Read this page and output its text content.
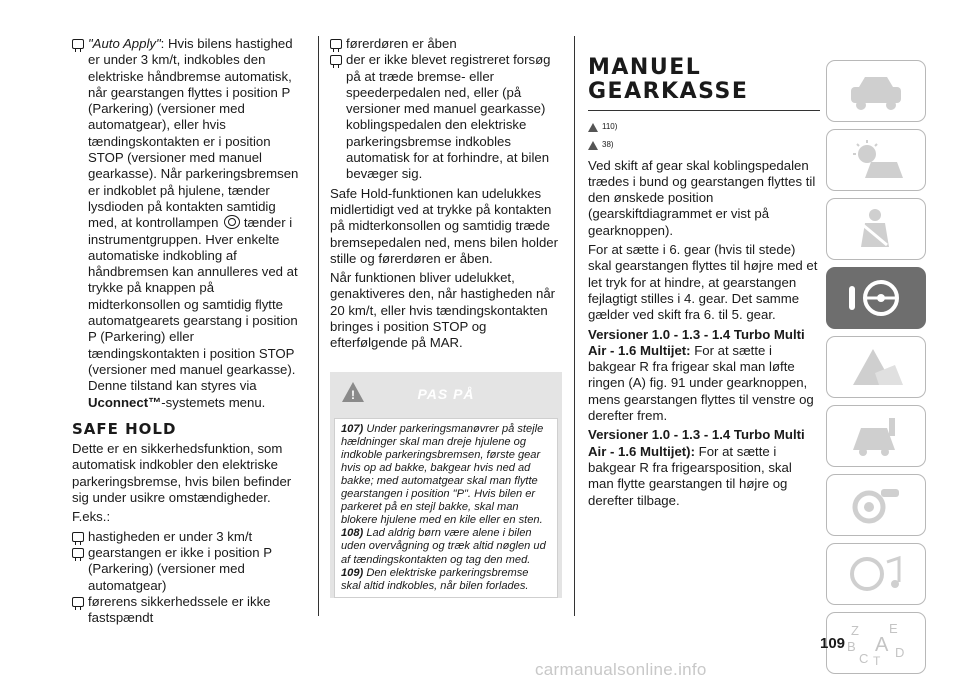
"Auto Apply": Hvis bilens hastighed er under 3 km/t, indkobles den elektriske håndbremse automatisk, når gearstangen flyttes i position P (Parkering) (versioner med automatgear), eller hvis tændingskontakten er i position STOP (versioner med manuel gearkasse). Når parkeringsbremsen er indkoblet på hjulene, tænder lysdioden på kontakten samtidig med, at kontrollampen tænder i instrumentgruppen. Hver enkelte automatiske indkobling af håndbremsen kan annulleres ved at trykke på knappen på midterkonsollen og samtidig flytte automatgearets gearstang i position P (Parkering) eller tændingskontakten i position STOP (versioner med manuel gearkasse). Denne tilstand kan styres via Uconnect™-systemets menu.

SAFE HOLD

Dette er en sikkerhedsfunktion, som automatisk indkobler den elektriske parkeringsbremse, hvis bilen befinder sig under usikre omstændigheder.

F.eks.:

hastigheden er under 3 km/t
gearstangen er ikke i position P (Parkering) (versioner med automatgear)
førerens sikkerhedssele er ikke fastspændt
førerdøren er åben
der er ikke blevet registreret forsøg på at træde bremse- eller speederpedalen ned, eller (på versioner med manuel gearkasse) koblingspedalen den elektriske parkeringsbremse indkobles automatisk for at forhindre, at bilen bevæger sig.

Safe Hold-funktionen kan udelukkes midlertidigt ved at trykke på kontakten på midterkonsollen og samtidig træde bremsepedalen ned, mens bilen holder stille og førerdøren er åben.

Når funktionen bliver udelukket, genaktiveres den, når hastigheden når 20 km/t, eller hvis tændingskontakten bringes i position STOP og efterfølgende på MAR.

!
PAS PÅ

107) Under parkeringsmanøvrer på stejle hældninger skal man dreje hjulene og indkoble parkeringsbremsen, første gear hvis op ad bakke, bakgear hvis ned ad bakke; med automatgear skal man flytte gearstangen i position "P". Hvis bilen er parkeret på en stejl bakke, skal man blokere hjulene med en kile eller en sten.

108) Lad aldrig børn være alene i bilen uden overvågning og træk altid nøglen ud af tændingskontakten og tag den med.

109) Den elektriske parkeringsbremse skal altid indkobles, når bilen forlades.

MANUEL
GEARKASSE
110)
38)

Ved skift af gear skal koblingspedalen trædes i bund og gearstangen flyttes til den ønskede position (gearskiftdiagrammet er vist på gearknoppen).

For at sætte i 6. gear (hvis til stede) skal gearstangen flyttes til højre med et let tryk for at hindre, at gearstangen fejlagtigt stilles i 4. gear. Det samme gælder ved skift fra 6. til 5. gear.

Versioner 1.0 - 1.3 - 1.4 Turbo Multi Air - 1.6 Multijet: For at sætte i bakgear R fra frigear skal man løfte ringen (A) fig. 91 under gearknoppen, mens gearstangen flyttes til venstre og derefter frem.

Versioner 1.0 - 1.3 - 1.4 Turbo Multi Air - 1.6 Multijet): For at sætte i bakgear R fra frigearsposition, skal man flytte gearstangen til højre og derefter tilbage.

Z E
B A
C T
D
109
carmanualsonline.info
